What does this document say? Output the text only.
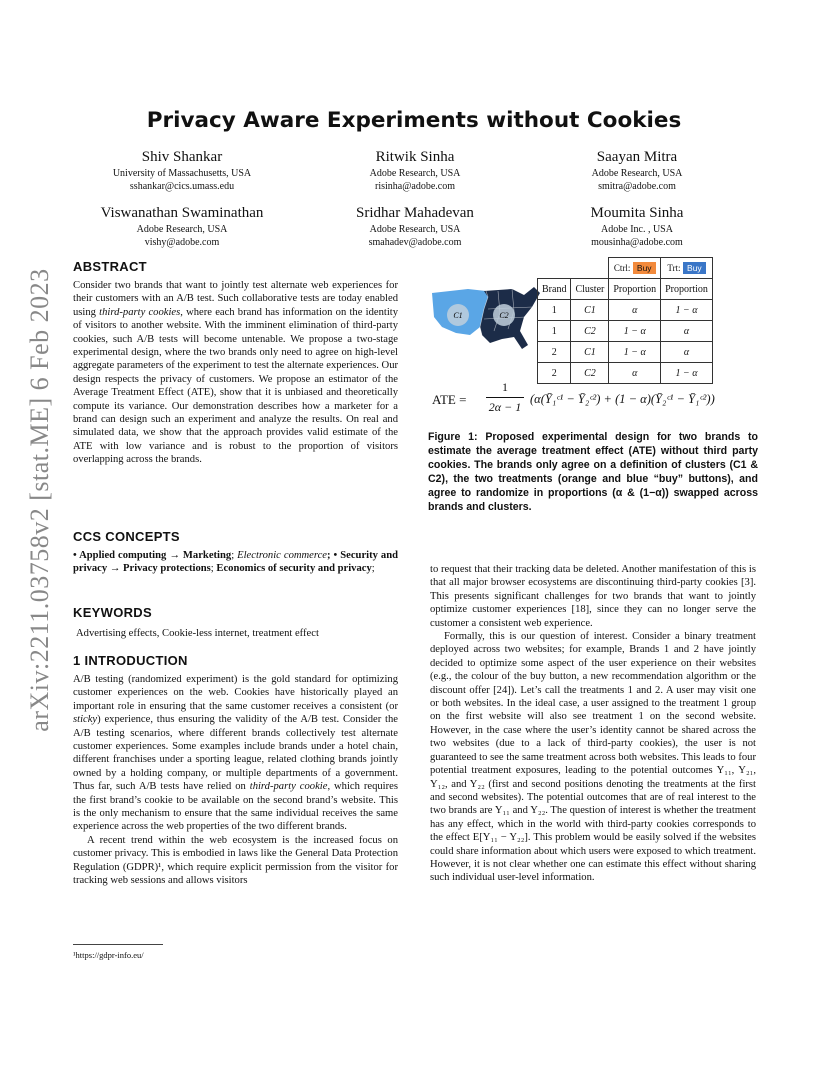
arXiv:2211.03758v2 [stat.ME] 6 Feb 2023
Privacy Aware Experiments without Cookies
Shiv Shankar
University of Massachusetts, USA
sshankar@cics.umass.edu
Ritwik Sinha
Adobe Research, USA
risinha@adobe.com
Saayan Mitra
Adobe Research, USA
smitra@adobe.com
Viswanathan Swaminathan
Adobe Research, USA
vishy@adobe.com
Sridhar Mahadevan
Adobe Research, USA
smahadev@adobe.com
Moumita Sinha
Adobe Inc. , USA
mousinha@adobe.com
ABSTRACT

Consider two brands that want to jointly test alternate web experiences for their customers with an A/B test. Such collaborative tests are today enabled using third-party cookies, where each brand has information on the identity of visitors to another website. With the imminent elimination of third-party cookies, such A/B tests will become untenable. We propose a two-stage experimental design, where the two brands only need to agree on high-level aggregate parameters of the experiment to test the alternate experiences. Our design respects the privacy of customers. We propose an estimator of the Average Treatment Effect (ATE), show that it is unbiased and theoretically compute its variance. Our demonstration describes how a marketer for a brand can design such an experiment and analyze the results. On real and simulated data, we show that the approach provides valid estimate of the ATE with low variance and is robust to the proportion of visitors overlapping across the brands.

CCS CONCEPTS

• Applied computing → Marketing; Electronic commerce; • Security and privacy → Privacy protections; Economics of security and privacy;

KEYWORDS
Advertising effects, Cookie-less internet, treatment effect
1 INTRODUCTION

A/B testing (randomized experiment) is the gold standard for optimizing customer experiences on the web. Cookies have historically played an important role in ensuring that the same customer receives a consistent (or sticky) experience, thus ensuring the validity of the A/B test. Consider the A/B testing scenarios, where different brands collectively test alternate customer experiences. Some examples include brands under a hotel chain, different franchises under a sporting league, related clothing brands jointly owned by a holding company, or multiple departments of a government. Thus far, such A/B tests have relied on third-party cookie, which requires the first brand’s cookie to be available on the second brand’s website. This is the only mechanism to ensure that the same individual receives the same experience across the web properties of the two different brands.

A recent trend within the web ecosystem is the increased focus on customer privacy. This is embodied in laws like the General Data Protection Regulation (GDPR)¹, which require explicit permission from the visitor for tracking web sessions and allows visitors

¹https://gdpr-info.eu/
C1	C2
		Ctrl: Buy	Trt: Buy
Brand	Cluster	Proportion	Proportion
1	C1	α	1 − α
1	C2	1 − α	α
2	C1	1 − α	α
2	C2	α	1 − α
ATE =
1
2α − 1
(α(Ȳ₁ᶜ¹ − Ȳ₂ᶜ²) + (1 − α)(Ȳ₂ᶜ¹ − Ȳ₁ᶜ²))
Figure 1: Proposed experimental design for two brands to estimate the average treatment effect (ATE) without third party cookies. The brands only agree on a definition of clusters (C1 & C2), the two treatments (orange and blue “buy” buttons), and agree to randomize in proportions (α & (1−α)) swapped across brands and clusters.

to request that their tracking data be deleted. Another manifestation of this is that all major browser ecosystems are discontinuing third-party cookies [3]. This presents significant challenges for two brands that want to jointly optimize customer experiences [18], since they can no longer serve the customer a consistent web experience.

Formally, this is our question of interest. Consider a binary treatment deployed across two websites; for example, Brands 1 and 2 have jointly decided to optimize some aspect of the user experience on their websites (e.g., the colour of the buy button, a new recommendation algorithm or the discount offer [24]). Let’s call the treatments 1 and 2. A user may visit one or both websites. In the ideal case, a user assigned to the treatment 1 group on the first website will also see treatment 1 on the second website. However, in the case where the user’s identity cannot be shared across the two websites (due to a lack of third-party cookies), the user is not guaranteed to see the same treatment across both websites. This leads to four potential treatment exposures, leading to the potential outcomes Y₁₁, Y₂₁, Y₁₂, and Y₂₂ (first and second positions denoting the treatments at the first and second websites). The potential outcomes that are of real interest to the two brands are Y₁₁ and Y₂₂. The question of interest is whether the treatment has any effect, which in the world with third-party cookies corresponds to the effect E[Y₁₁ − Y₂₂]. This problem would be easily solved if the websites could share information about which users were exposed to which treatment. However, it is not clear whether one can estimate this effect without sharing such individual user-level information.
